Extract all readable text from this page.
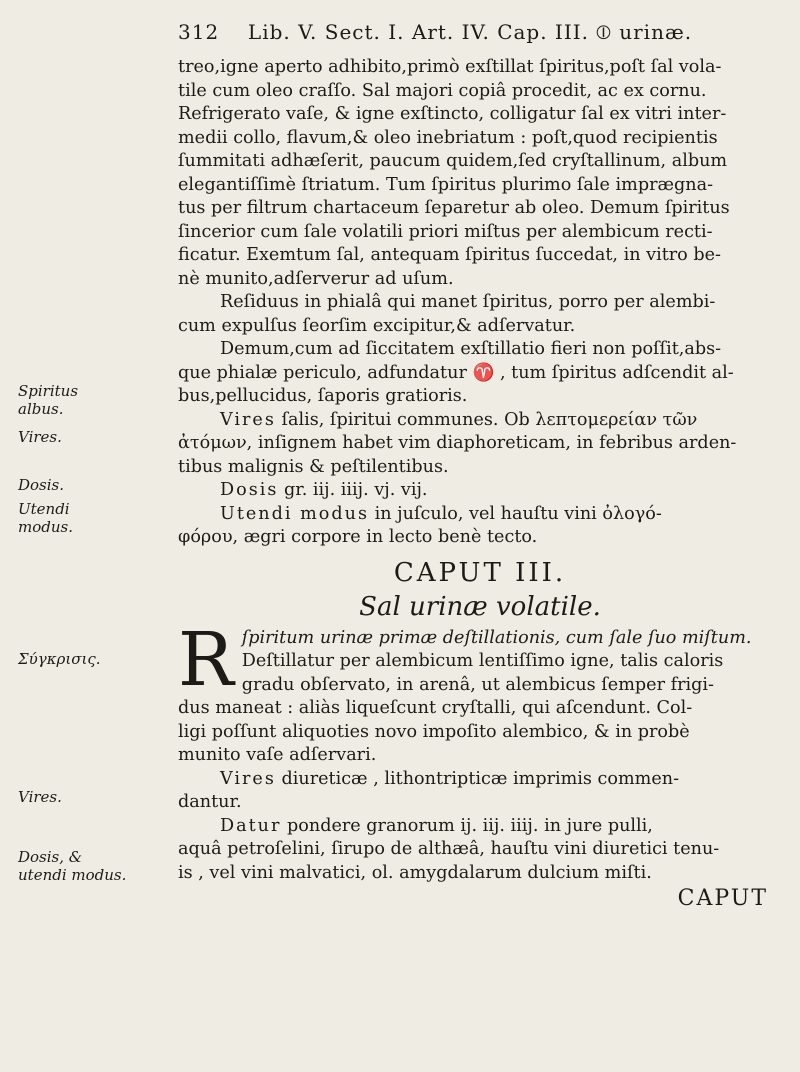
312 Lib. V. Sect. I. Art. IV. Cap. III. ⦶ urinæ.
Spiritus albus.
Vires.
Dosis.
Utendi modus.
Σύγκρισις.
Vires.
Dosis, & utendi modus.

treo,igne aperto adhibito,primò exſtillat ſpiritus,poſt ſal vola-

tile cum oleo craſſo. Sal majori copiâ procedit, ac ex cornu.

Refrigerato vaſe, & igne exſtincto, colligatur ſal ex vitri inter-

medii collo, flavum,& oleo inebriatum : poſt,quod recipientis

ſummitati adhæſerit, paucum quidem,ſed cryſtallinum, album

elegantiſſimè ſtriatum. Tum ſpiritus plurimo ſale imprægna-

tus per filtrum chartaceum ſeparetur ab oleo. Demum ſpiritus

ſincerior cum ſale volatili priori miſtus per alembicum recti-

ficatur. Exemtum ſal, antequam ſpiritus ſuccedat, in vitro be-

nè munito,adſerverur ad uſum.

Reſiduus in phialâ qui manet ſpiritus, porro per alembi-

cum expulſus ſeorſim excipitur,& adſervatur.

Demum,cum ad ſiccitatem exſtillatio fieri non poſſit,abs-

que phialæ periculo, adfundatur ♈ , tum ſpiritus adſcendit al-

bus,pellucidus, ſaporis gratioris.

Vires ſalis, ſpiritui communes. Ob λεπτομερείαν τῶν

ἀτόμων, inſignem habet vim diaphoreticam, in febribus arden-

tibus malignis & peſtilentibus.

Dosis gr. iij. iiij. vj. vij.

Utendi modus in juſculo, vel hauſtu vini ὀλογό-

φόρου, ægri corpore in lecto benè tecto.

CAPUT III.
Sal urinæ volatile.
R ſpiritum urinæ primæ deſtillationis, cum ſale ſuo miſtum.

Deſtillatur per alembicum lentiſſimo igne, talis caloris

gradu obſervato, in arenâ, ut alembicus ſemper frigi-

dus maneat : aliàs liqueſcunt cryſtalli, qui aſcendunt. Col-

ligi poſſunt aliquoties novo impoſito alembico, & in probè

munito vaſe adſervari.

Vires diureticæ , lithontripticæ imprimis commen-

dantur.

Datur pondere granorum ij. iij. iiij. in jure pulli,

aquâ petroſelini, ſirupo de althæâ, hauſtu vini diuretici tenu-

is , vel vini malvatici, ol. amygdalarum dulcium miſti.

CAPUT
